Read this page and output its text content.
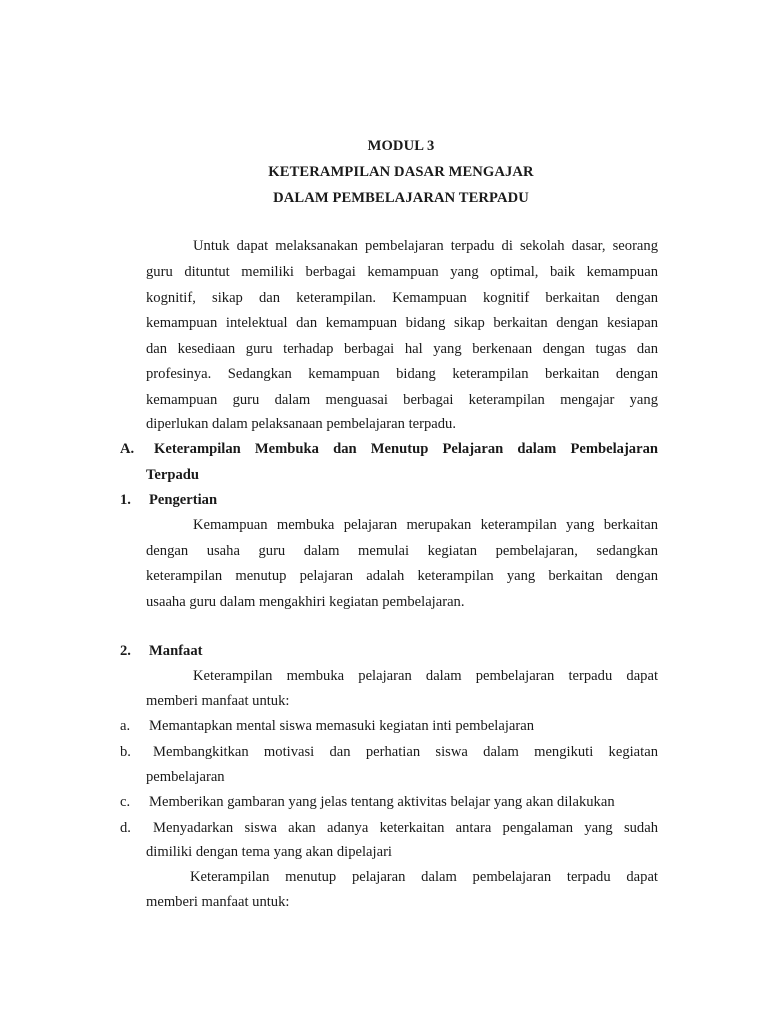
MODUL 3
KETERAMPILAN DASAR MENGAJAR
DALAM PEMBELAJARAN TERPADU
Untuk dapat melaksanakan pembelajaran terpadu di sekolah dasar, seorang
guru dituntut memiliki berbagai kemampuan yang optimal, baik kemampuan
kognitif, sikap dan keterampilan. Kemampuan kognitif berkaitan dengan
kemampuan intelektual dan kemampuan bidang sikap berkaitan dengan kesiapan
dan kesediaan guru terhadap berbagai hal yang berkenaan dengan tugas dan
profesinya. Sedangkan kemampuan bidang keterampilan berkaitan dengan
kemampuan guru dalam menguasai berbagai keterampilan mengajar yang
diperlukan dalam pelaksanaan pembelajaran terpadu.
A. Keterampilan Membuka dan Menutup Pelajaran dalam Pembelajaran
Terpadu
1. Pengertian
Kemampuan membuka pelajaran merupakan keterampilan yang berkaitan
dengan usaha guru dalam memulai kegiatan pembelajaran, sedangkan
keterampilan menutup pelajaran adalah keterampilan yang berkaitan dengan
usaaha guru dalam mengakhiri kegiatan pembelajaran.
2. Manfaat
Keterampilan membuka pelajaran dalam pembelajaran terpadu dapat
memberi manfaat untuk:
a. Memantapkan mental siswa memasuki kegiatan inti pembelajaran
b. Membangkitkan motivasi dan perhatian siswa dalam mengikuti kegiatan
pembelajaran
c. Memberikan gambaran yang jelas tentang aktivitas belajar yang akan dilakukan
d. Menyadarkan siswa akan adanya keterkaitan antara pengalaman yang sudah
dimiliki dengan tema yang akan dipelajari
Keterampilan menutup pelajaran dalam pembelajaran terpadu dapat
memberi manfaat untuk:
